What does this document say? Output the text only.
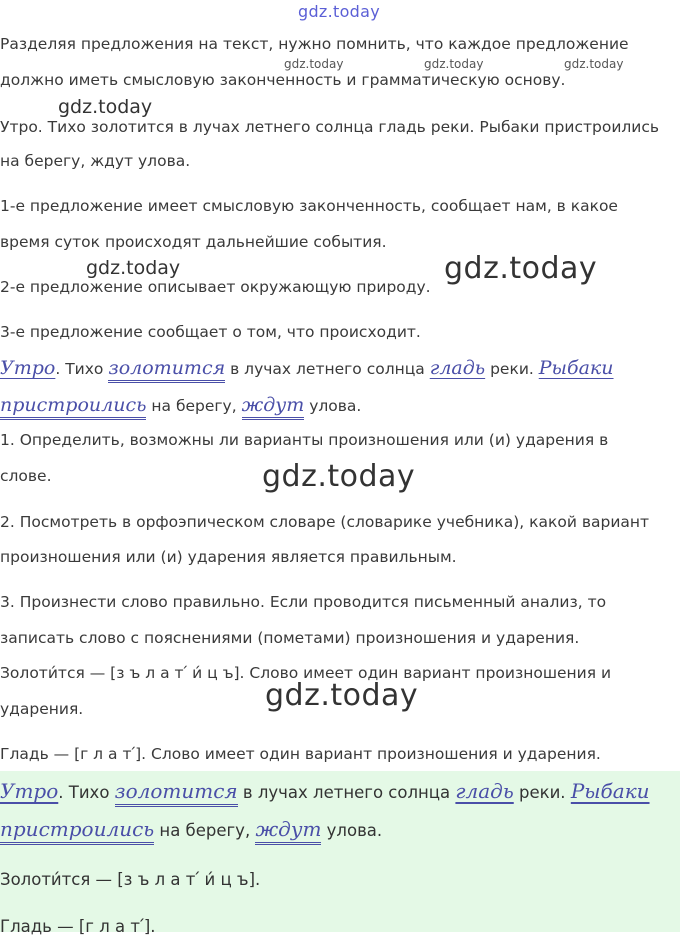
gdz.today
gdz.today	gdz.today	gdz.today
gdz.today
gdz.today	gdz.today
gdz.today
gdz.today
Разделяя предложения на текст, нужно помнить, что каждое предложение
должно иметь смысловую законченность и грамматическую основу.
Утро. Тихо золотится в лучах летнего солнца гладь реки. Рыбаки пристроились
на берегу, ждут улова.
1-е предложение имеет смысловую законченность, сообщает нам, в какое
время суток происходят дальнейшие события.
2-е предложение описывает окружающую природу.
3-е предложение сообщает о том, что происходит.
Утро. Тихо золотится в лучах летнего солнца гладь реки. Рыбаки
пристроились на берегу, ждут улова.
1. Определить, возможны ли варианты произношения или (и) ударения в
слове.
2. Посмотреть в орфоэпическом словаре (словарике учебника), какой вариант
произношения или (и) ударения является правильным.
3. Произнести слово правильно. Если проводится письменный анализ, то
записать слово с пояснениями (пометами) произношения и ударения.
Золоти́тся — [з ъ л а т՛ и́ ц ъ]. Слово имеет один вариант произношения и
ударения.
Гладь — [г л а т՛]. Слово имеет один вариант произношения и ударения.
Утро. Тихо золотится в лучах летнего солнца гладь реки. Рыбаки
пристроились на берегу, ждут улова.
Золоти́тся — [з ъ л а т՛ и́ ц ъ].
Гладь — [г л а т՛].
